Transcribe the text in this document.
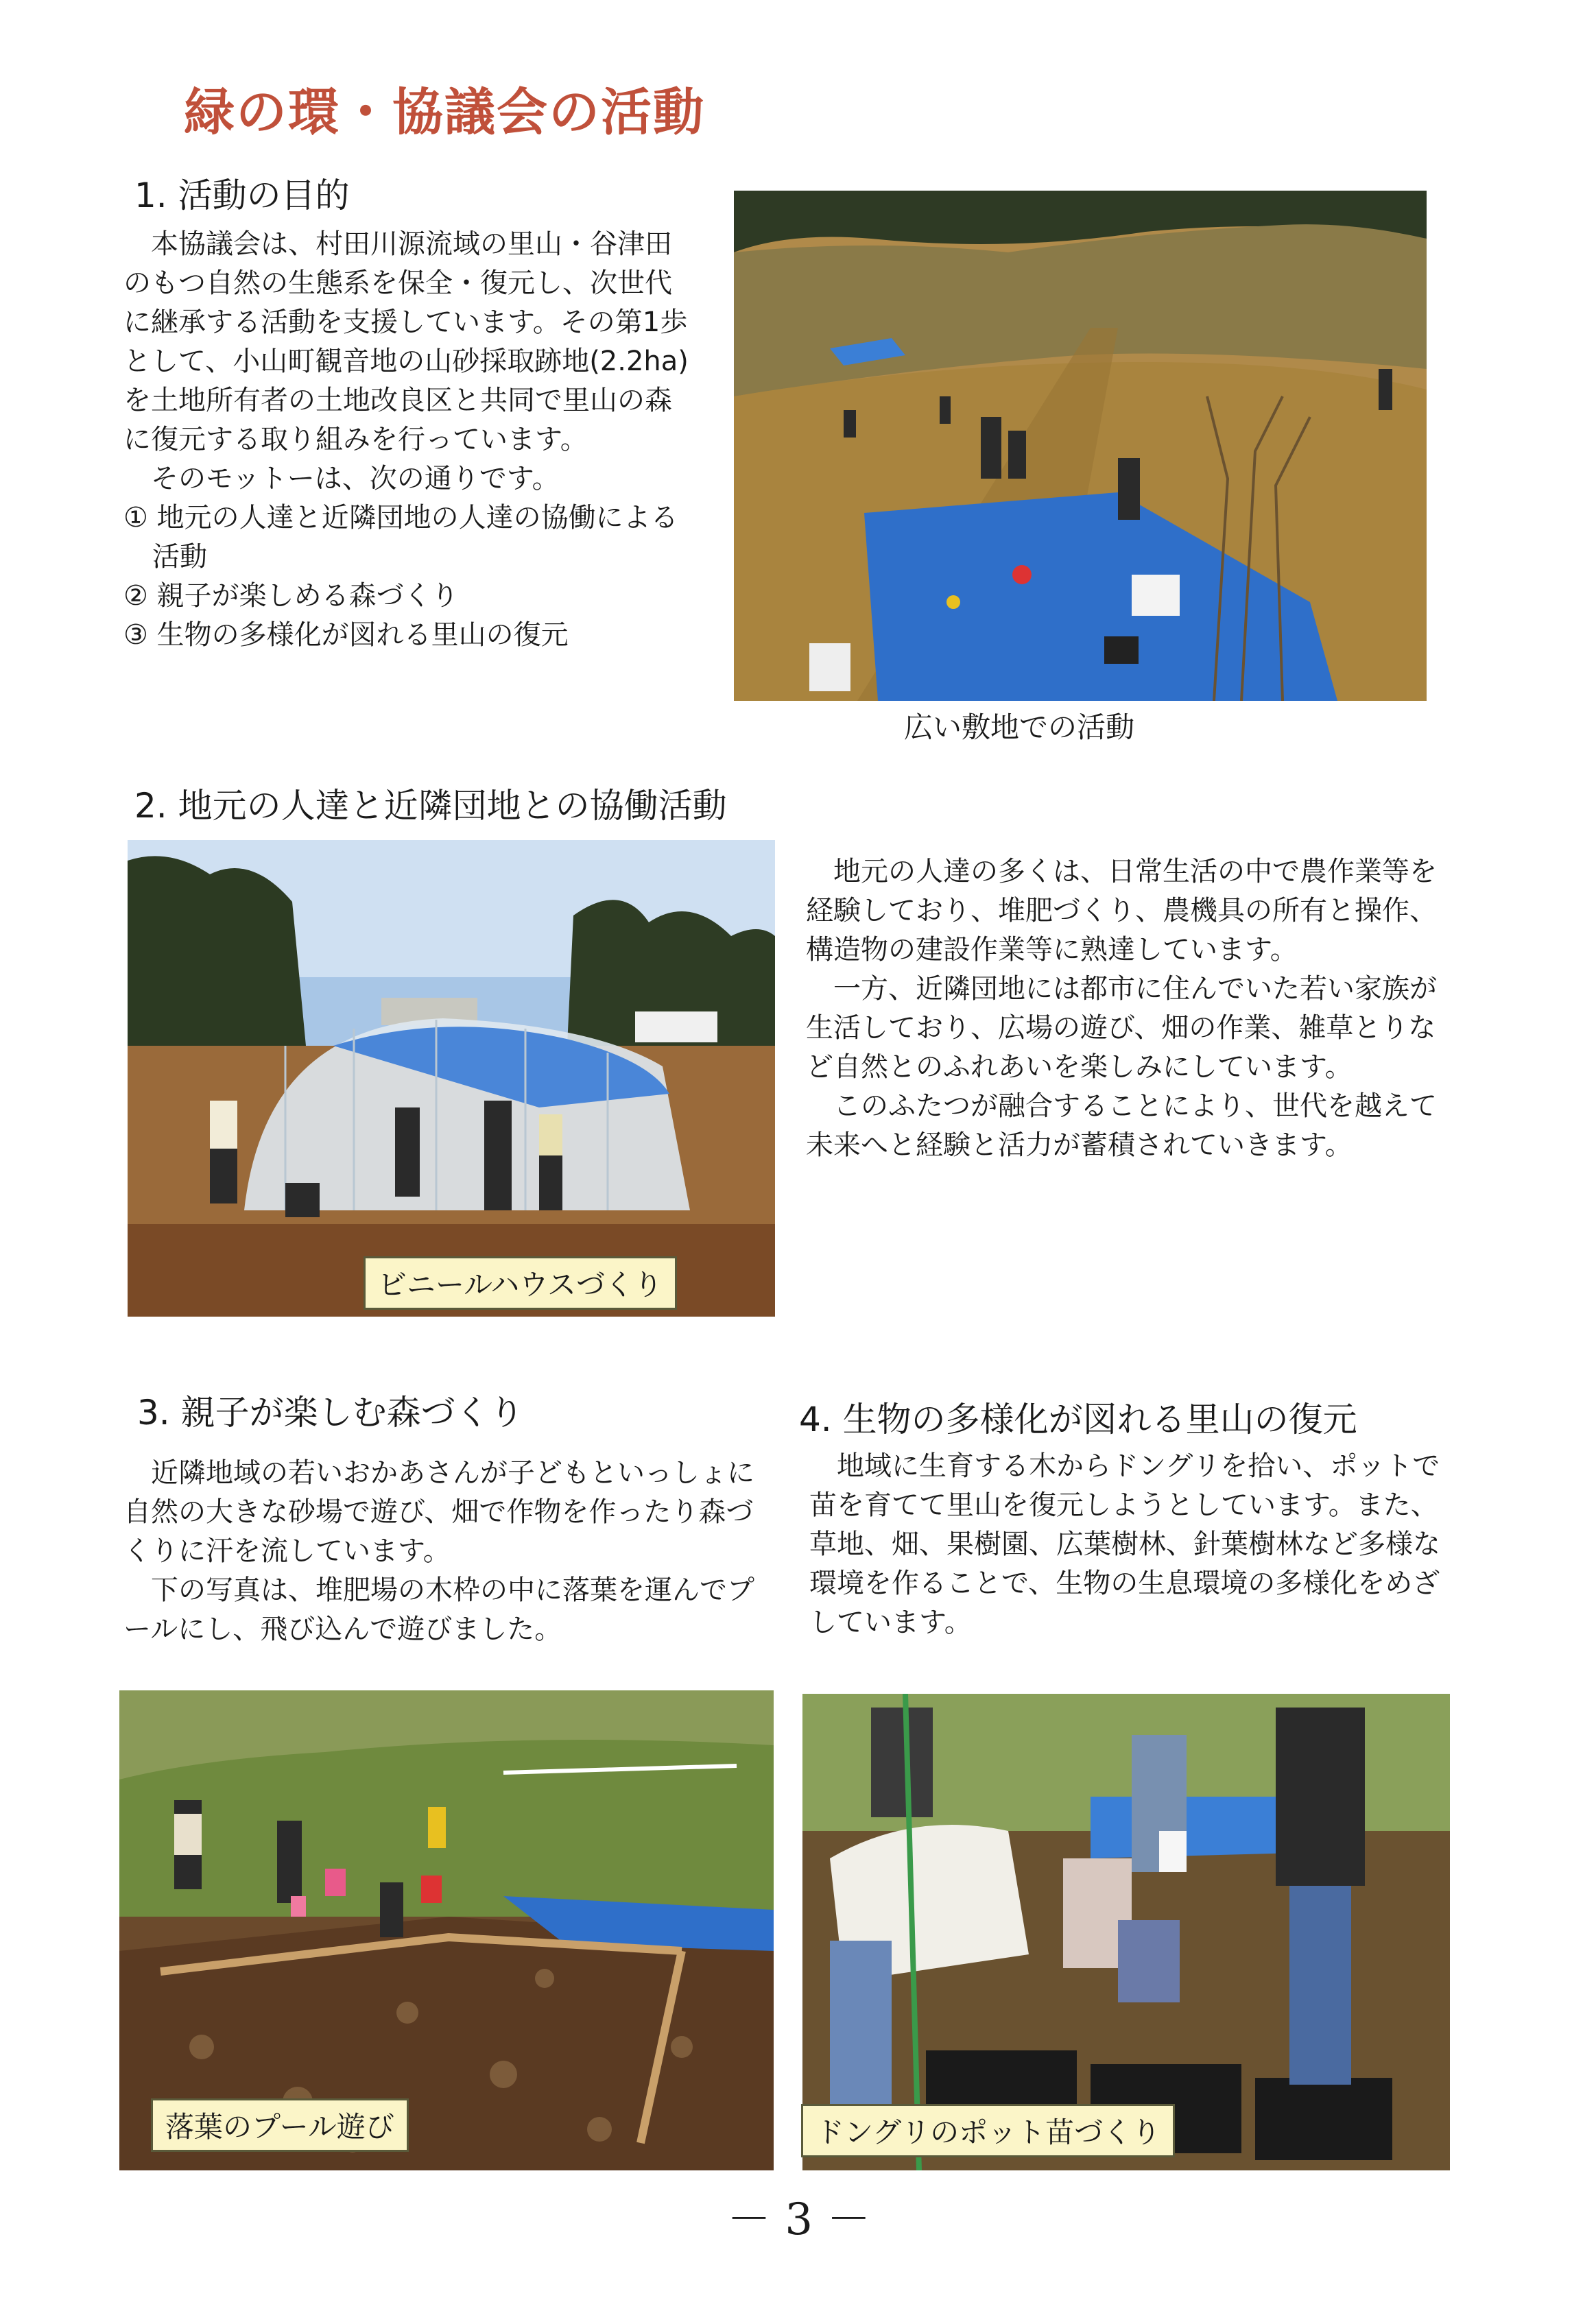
緑の環・協議会の活動
1. 活動の目的

本協議会は、村田川源流域の里山・谷津田のもつ自然の生態系を保全・復元し、次世代に継承する活動を支援しています。その第1歩として、小山町観音地の山砂採取跡地(2.2ha)を土地所有者の土地改良区と共同で里山の森に復元する取り組みを行っています。

そのモットーは、次の通りです。

① 地元の人達と近隣団地の人達の協働による活動

② 親子が楽しめる森づくり

③ 生物の多様化が図れる里山の復元

広い敷地での活動
2. 地元の人達と近隣団地との協働活動
ビニールハウスづくり

地元の人達の多くは、日常生活の中で農作業等を経験しており、堆肥づくり、農機具の所有と操作、構造物の建設作業等に熟達しています。

一方、近隣団地には都市に住んでいた若い家族が生活しており、広場の遊び、畑の作業、雑草とりなど自然とのふれあいを楽しみにしています。

このふたつが融合することにより、世代を越えて未来へと経験と活力が蓄積されていきます。

3. 親子が楽しむ森づくり

近隣地域の若いおかあさんが子どもといっしょに自然の大きな砂場で遊び、畑で作物を作ったり森づくりに汗を流しています。

下の写真は、堆肥場の木枠の中に落葉を運んでプールにし、飛び込んで遊びました。

4. 生物の多様化が図れる里山の復元

地域に生育する木からドングリを拾い、ポットで苗を育てて里山を復元しようとしています。また、草地、畑、果樹園、広葉樹林、針葉樹林など多様な環境を作ることで、生物の生息環境の多様化をめざしています。

落葉のプール遊び	ドングリのポット苗づくり
－ 3 －
